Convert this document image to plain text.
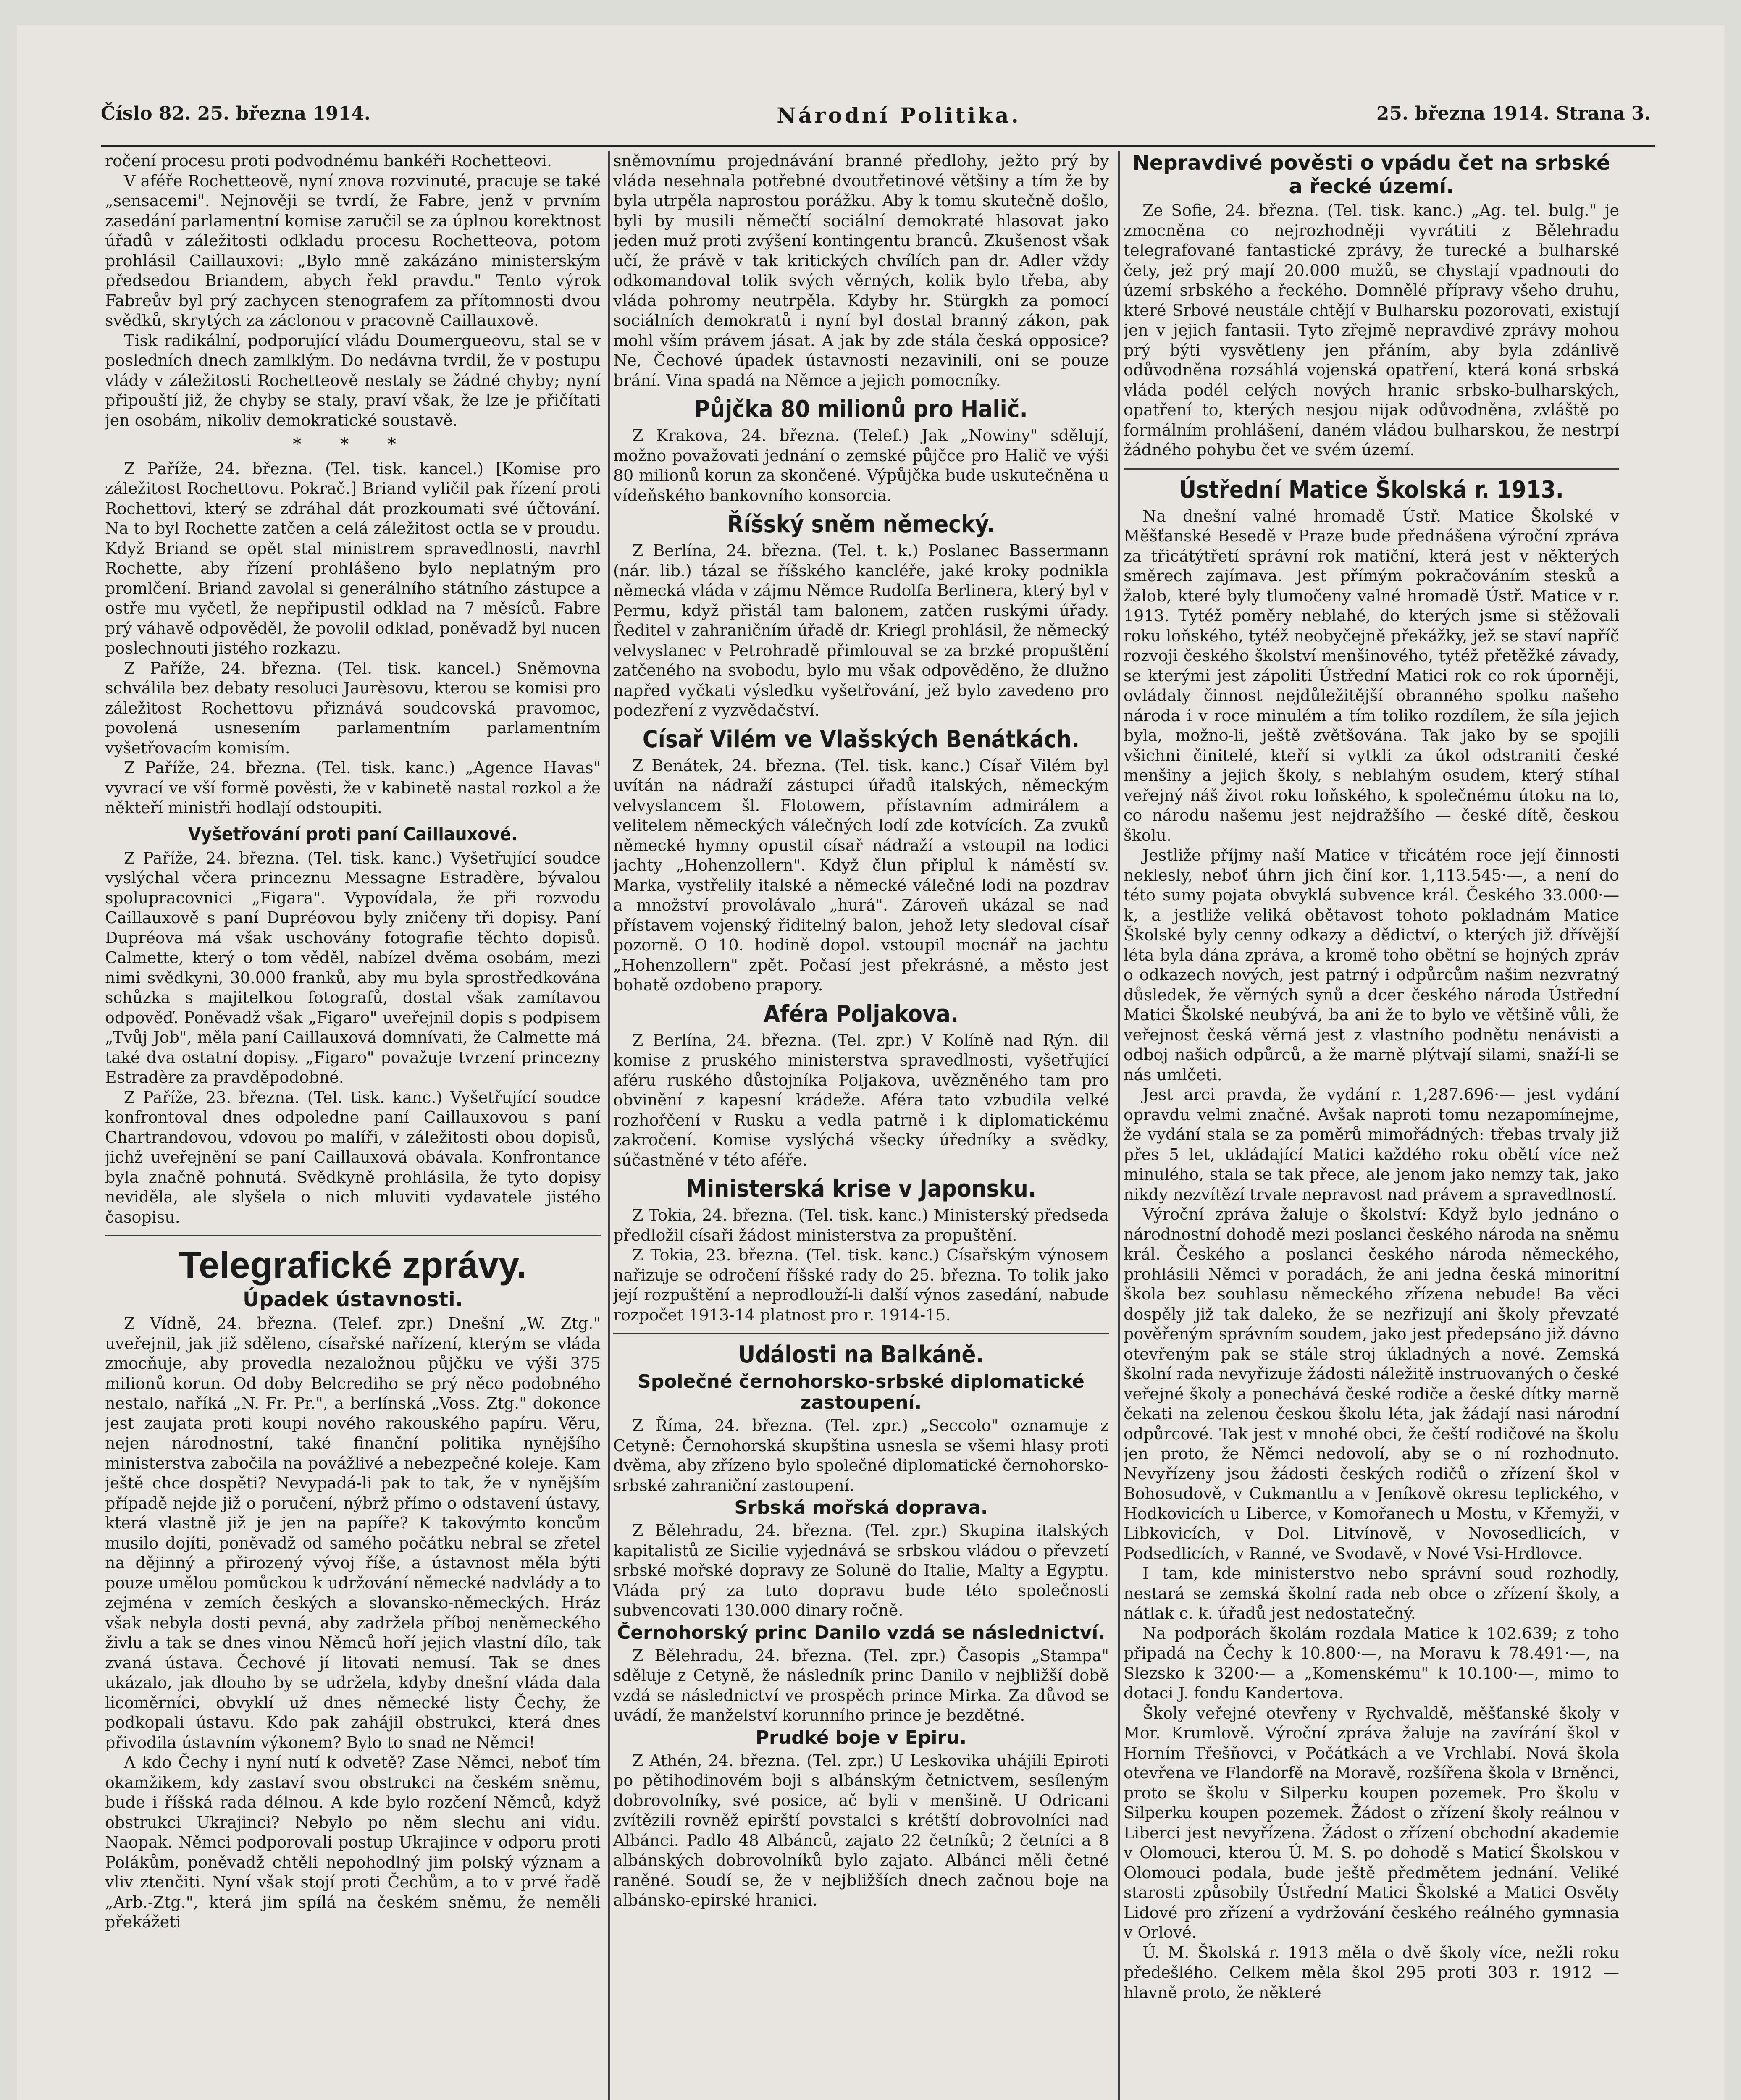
Číslo 82. 25. března 1914.	Národní Politika.	25. března 1914. Strana 3.

ročení procesu proti podvodnému bankéři Rochetteovi.

V aféře Rochetteově, nyní znova rozvinuté, pracuje se také „sensacemi". Nejnověji se tvrdí, že Fabre, jenž v prvním zasedání parlamentní komise zaručil se za úplnou korektnost úřadů v záležitosti odkladu procesu Rochetteova, potom prohlásil Caillauxovi: „Bylo mně zakázáno ministerským předsedou Briandem, abych řekl pravdu." Tento výrok Fabreův byl prý zachycen stenografem za přítomnosti dvou svědků, skrytých za záclonou v pracovně Caillauxově.

Tisk radikální, podporující vládu Doumergueovu, stal se v posledních dnech zamlklým. Do nedávna tvrdil, že v postupu vlády v záležitosti Rochetteově nestaly se žádné chyby; nyní připouští již, že chyby se staly, praví však, že lze je přičítati jen osobám, nikoliv demokratické soustavě.

* * *

Z Paříže, 24. března. (Tel. tisk. kancel.) [Komise pro záležitost Rochettovu. Pokrač.] Briand vyličil pak řízení proti Rochettovi, který se zdráhal dát prozkoumati své účtování. Na to byl Rochette zatčen a celá záležitost octla se v proudu. Když Briand se opět stal ministrem spravedlnosti, navrhl Rochette, aby řízení prohlášeno bylo neplatným pro promlčení. Briand zavolal si generálního státního zástupce a ostře mu vyčetl, že nepřipustil odklad na 7 měsíců. Fabre prý váhavě odpověděl, že povolil odklad, poněvadž byl nucen poslechnouti jistého rozkazu.

Z Paříže, 24. března. (Tel. tisk. kancel.) Sněmovna schválila bez debaty resoluci Jaurèsovu, kterou se komisi pro záležitost Rochettovu přiznává soudcovská pravomoc, povolená usnesením parlamentním parlamentním vyšetřovacím komisím.

Z Paříže, 24. března. (Tel. tisk. kanc.) „Agence Havas" vyvrací ve vší formě pověsti, že v kabinetě nastal rozkol a že někteří ministři hodlají odstoupiti.

Vyšetřování proti paní Caillauxové.

Z Paříže, 24. března. (Tel. tisk. kanc.) Vyšetřující soudce vyslýchal včera princeznu Messagne Estradère, bývalou spolupracovnici „Figara". Vypovídala, že při rozvodu Caillauxově s paní Dupréovou byly zničeny tři dopisy. Paní Dupréova má však uschovány fotografie těchto dopisů. Calmette, který o tom věděl, nabízel dvěma osobám, mezi nimi svědkyni, 30.000 franků, aby mu byla sprostředkována schůzka s majitelkou fotografů, dostal však zamítavou odpověď. Poněvadž však „Figaro" uveřejnil dopis s podpisem „Tvůj Job", měla paní Caillauxová domnívati, že Calmette má také dva ostatní dopisy. „Figaro" považuje tvrzení princezny Estradère za pravděpodobné.

Z Paříže, 23. března. (Tel. tisk. kanc.) Vyšetřující soudce konfrontoval dnes odpoledne paní Caillauxovou s paní Chartrandovou, vdovou po malíři, v záležitosti obou dopisů, jichž uveřejnění se paní Caillauxová obávala. Konfrontance byla značně pohnutá. Svědkyně prohlásila, že tyto dopisy neviděla, ale slyšela o nich mluviti vydavatele jistého časopisu.

Telegrafické zprávy.
Úpadek ústavnosti.

Z Vídně, 24. března. (Telef. zpr.) Dnešní „W. Ztg." uveřejnil, jak již sděleno, císařské nařízení, kterým se vláda zmocňuje, aby provedla nezaložnou půjčku ve výši 375 milionů korun. Od doby Belcrediho se prý něco podobného nestalo, naříká „N. Fr. Pr.", a berlínská „Voss. Ztg." dokonce jest zaujata proti koupi nového rakouského papíru. Věru, nejen národnostní, také finanční politika nynějšího ministerstva zabočila na povážlivé a nebezpečné koleje. Kam ještě chce dospěti? Nevypadá-li pak to tak, že v nynějším případě nejde již o poručení, nýbrž přímo o odstavení ústavy, která vlastně již je jen na papíře? K takovýmto koncům musilo dojíti, poněvadž od samého počátku nebral se zřetel na dějinný a přirozený vývoj říše, a ústavnost měla býti pouze umělou pomůckou k udržování německé nadvlády a to zejména v zemích českých a slovansko-německých. Hráz však nebyla dosti pevná, aby zadržela příboj neněmeckého živlu a tak se dnes vinou Němců hoří jejich vlastní dílo, tak zvaná ústava. Čechové jí litovati nemusí. Tak se dnes ukázalo, jak dlouho by se udržela, kdyby dnešní vláda dala licoměrníci, obvyklí už dnes německé listy Čechy, že podkopali ústavu. Kdo pak zahájil obstrukci, která dnes přivodila ústavním výkonem? Bylo to snad ne Němci!

A kdo Čechy i nyní nutí k odvetě? Zase Němci, neboť tím okamžikem, kdy zastaví svou obstrukci na českém sněmu, bude i říšská rada délnou. A kde bylo rozčení Němců, když obstrukci Ukrajinci? Nebylo po něm slechu ani vidu. Naopak. Němci podporovali postup Ukrajince v odporu proti Polákům, poněvadž chtěli nepohodlný jim polský význam a vliv ztenčiti. Nyní však stojí proti Čechům, a to v prvé řadě „Arb.-Ztg.", která jim spílá na českém sněmu, že neměli překážeti

sněmovnímu projednávání branné předlohy, ježto prý by vláda nesehnala potřebné dvoutřetinové většiny a tím že by byla utrpěla naprostou porážku. Aby k tomu skutečně došlo, byli by musili němečtí sociální demokraté hlasovat jako jeden muž proti zvýšení kontingentu branců. Zkušenost však učí, že právě v tak kritických chvílích pan dr. Adler vždy odkomandoval tolik svých věrných, kolik bylo třeba, aby vláda pohromy neutrpěla. Kdyby hr. Stürgkh za pomocí sociálních demokratů i nyní byl dostal branný zákon, pak mohl vším právem jásat. A jak by zde stála česká opposice? Ne, Čechové úpadek ústavnosti nezavinili, oni se pouze brání. Vina spadá na Němce a jejich pomocníky.

Půjčka 80 milionů pro Halič.

Z Krakova, 24. března. (Telef.) Jak „Nowiny" sdělují, možno považovati jednání o zemské půjčce pro Halič ve výši 80 milionů korun za skončené. Výpůjčka bude uskutečněna u vídeňského bankovního konsorcia.

Říšský sněm německý.

Z Berlína, 24. března. (Tel. t. k.) Poslanec Bassermann (nár. lib.) tázal se říšského kancléře, jaké kroky podnikla německá vláda v zájmu Němce Rudolfa Berlinera, který byl v Permu, když přistál tam balonem, zatčen ruskými úřady. Ředitel v zahraničním úřadě dr. Kriegl prohlásil, že německý velvyslanec v Petrohradě přimlouval se za brzké propuštění zatčeného na svobodu, bylo mu však odpověděno, že dlužno napřed vyčkati výsledku vyšetřování, jež bylo zavedeno pro podezření z vyzvědačství.

Císař Vilém ve Vlašských Benátkách.

Z Benátek, 24. března. (Tel. tisk. kanc.) Císař Vilém byl uvítán na nádraží zástupci úřadů italských, německým velvyslancem šl. Flotowem, přístavním admirálem a velitelem německých válečných lodí zde kotvících. Za zvuků německé hymny opustil císař nádraží a vstoupil na lodici jachty „Hohenzollern". Když člun připlul k náměstí sv. Marka, vystřelily italské a německé válečné lodi na pozdrav a množství provolávalo „hurá". Zároveň ukázal se nad přístavem vojenský řiditelný balon, jehož lety sledoval císař pozorně. O 10. hodině dopol. vstoupil mocnář na jachtu „Hohenzollern" zpět. Počasí jest překrásné, a město jest bohatě ozdobeno prapory.

Aféra Poljakova.

Z Berlína, 24. března. (Tel. zpr.) V Kolíně nad Rýn. dil komise z pruského ministerstva spravedlnosti, vyšetřující aféru ruského důstojníka Poljakova, uvězněného tam pro obvinění z kapesní krádeže. Aféra tato vzbudila velké rozhořčení v Rusku a vedla patrně i k diplomatickému zakročení. Komise vyslýchá všecky úředníky a svědky, súčastněné v této aféře.

Ministerská krise v Japonsku.

Z Tokia, 24. března. (Tel. tisk. kanc.) Ministerský předseda předložil císaři žádost ministerstva za propuštění.

Z Tokia, 23. března. (Tel. tisk. kanc.) Císařským výnosem nařizuje se odročení říšské rady do 25. března. To tolik jako její rozpuštění a neprodlouží-li další výnos zasedání, nabude rozpočet 1913-14 platnost pro r. 1914-15.

Události na Balkáně.
Společné černohorsko-srbské diplomatické zastoupení.

Z Říma, 24. března. (Tel. zpr.) „Seccolo" oznamuje z Cetyně: Černohorská skupština usnesla se všemi hlasy proti dvěma, aby zřízeno bylo společné diplomatické černohorsko-srbské zahraniční zastoupení.

Srbská mořská doprava.

Z Bělehradu, 24. března. (Tel. zpr.) Skupina italských kapitalistů ze Sicilie vyjednává se srbskou vládou o převzetí srbské mořské dopravy ze Solunë do Italie, Malty a Egyptu. Vláda prý za tuto dopravu bude této společnosti subvencovati 130.000 dinary ročně.

Černohorský princ Danilo vzdá se následnictví.

Z Bělehradu, 24. března. (Tel. zpr.) Časopis „Stampa" sděluje z Cetyně, že následník princ Danilo v nejbližší době vzdá se následnictví ve prospěch prince Mirka. Za důvod se uvádí, že manželství korunního prince je bezdětné.

Prudké boje v Epiru.

Z Athén, 24. března. (Tel. zpr.) U Leskovika uhájili Epiroti po pětihodinovém boji s albánským četnictvem, sesíleným dobrovolníky, své posice, ač byli v menšině. U Odricani zvítězili rovněž epirští povstalci s krétští dobrovolníci nad Albánci. Padlo 48 Albánců, zajato 22 četníků; 2 četníci a 8 albánských dobrovolníků bylo zajato. Albánci měli četné raněné. Soudí se, že v nejbližších dnech začnou boje na albánsko-epirské hranici.

Nepravdivé pověsti o vpádu čet na srbské a řecké území.

Ze Sofie, 24. března. (Tel. tisk. kanc.) „Ag. tel. bulg." je zmocněna co nejrozhodněji vyvrátiti z Bělehradu telegrafované fantastické zprávy, že turecké a bulharské čety, jež prý mají 20.000 mužů, se chystají vpadnouti do území srbského a řeckého. Domnělé přípravy všeho druhu, které Srbové neustále chtějí v Bulharsku pozorovati, existují jen v jejich fantasii. Tyto zřejmě nepravdivé zprávy mohou prý býti vysvětleny jen přáním, aby byla zdánlivě odůvodněna rozsáhlá vojenská opatření, která koná srbská vláda podél celých nových hranic srbsko-bulharských, opatření to, kterých nesjou nijak odůvodněna, zvláště po formálním prohlášení, daném vládou bulharskou, že nestrpí žádného pohybu čet ve svém území.

Ústřední Matice Školská r. 1913.

Na dnešní valné hromadě Ústř. Matice Školské v Měšťanské Besedě v Praze bude přednášena výroční zpráva za třicátýtřetí správní rok matiční, která jest v některých směrech zajímava. Jest přímým pokračováním stesků a žalob, které byly tlumočeny valné hromadě Ústř. Matice v r. 1913. Tytéž poměry neblahé, do kterých jsme si stěžovali roku loňského, tytéž neobyčejně překážky, jež se staví napříč rozvoji českého školství menšinového, tytéž přetěžké závady, se kterými jest zápoliti Ústřední Matici rok co rok úporněji, ovládaly činnost nejdůležitější obranného spolku našeho národa i v roce minulém a tím toliko rozdílem, že síla jejich byla, možno-li, ještě zvětšována. Tak jako by se spojili všichni činitelé, kteří si vytkli za úkol odstraniti české menšiny a jejich školy, s neblahým osudem, který stíhal veřejný náš život roku loňského, k společnému útoku na to, co národu našemu jest nejdražšího — české dítě, českou školu.

Jestliže příjmy naší Matice v třicátém roce její činnosti neklesly, neboť úhrn jich činí kor. 1,113.545·—, a není do této sumy pojata obvyklá subvence král. Českého 33.000·— k, a jestliže veliká obětavost tohoto pokladnám Matice Školské byly cenny odkazy a dědictví, o kterých již dřívější léta byla dána zpráva, a kromě toho obětní se hojných zpráv o odkazech nových, jest patrný i odpůrcům našim nezvratný důsledek, že věrných synů a dcer českého národa Ústřední Matici Školské neubývá, ba ani že to bylo ve většině vůli, že veřejnost česká věrná jest z vlastního podnětu nenávisti a odboj našich odpůrců, a že marně plýtvají silami, snaží-li se nás umlčeti.

Jest arci pravda, že vydání r. 1,287.696·— jest vydání opravdu velmi značné. Avšak naproti tomu nezapomínejme, že vydání stala se za poměrů mimořádných: třebas trvaly již přes 5 let, ukládající Matici každého roku obětí více než minulého, stala se tak přece, ale jenom jako nemzy tak, jako nikdy nezvítězí trvale nepravost nad právem a spravedlností.

Výroční zpráva žaluje o školství: Když bylo jednáno o národnostní dohodě mezi poslanci českého národa na sněmu král. Českého a poslanci českého národa německého, prohlásili Němci v poradách, že ani jedna česká minoritní škola bez souhlasu německého zřízena nebude! Ba věci dospěly již tak daleko, že se nezřizují ani školy převzaté pověřeným správním soudem, jako jest předepsáno již dávno otevřeným pak se stále stroj úkladných a nové. Zemská školní rada nevyřizuje žádosti náležitě instruovaných o české veřejné školy a ponechává české rodiče a české dítky marně čekati na zelenou českou školu léta, jak žádají nasi národní odpůrcové. Tak jest v mnohé obci, že čeští rodičové na školu jen proto, že Němci nedovolí, aby se o ní rozhodnuto. Nevyřízeny jsou žádosti českých rodičů o zřízení škol v Bohosudově, v Cukmantlu a v Jeníkově okresu teplického, v Hodkovicích u Liberce, v Komořanech u Mostu, v Křemyži, v Libkovicích, v Dol. Litvínově, v Novosedlicích, v Podsedlicích, v Ranné, ve Svodavě, v Nové Vsi-Hrdlovce.

I tam, kde ministerstvo nebo správní soud rozhodly, nestará se zemská školní rada neb obce o zřízení školy, a nátlak c. k. úřadů jest nedostatečný.

Na podporách školám rozdala Matice k 102.639; z toho připadá na Čechy k 10.800·—, na Moravu k 78.491·—, na Slezsko k 3200·— a „Komenskému" k 10.100·—, mimo to dotaci J. fondu Kandertova.

Školy veřejné otevřeny v Rychvaldě, měšťanské školy v Mor. Krumlově. Výroční zpráva žaluje na zavírání škol v Horním Třešňovci, v Počátkách a ve Vrchlabí. Nová škola otevřena ve Flandorfě na Moravě, rozšířena škola v Brněnci, proto se školu v Silperku koupen pozemek. Pro školu v Silperku koupen pozemek. Žádost o zřízení školy reálnou v Liberci jest nevyřízena. Žádost o zřízení obchodní akademie v Olomouci, kterou Ú. M. S. po dohodě s Maticí Školskou v Olomouci podala, bude ještě předmětem jednání. Veliké starosti způsobily Ústřední Matici Školské a Matici Osvěty Lidové pro zřízení a vydržování českého reálného gymnasia v Orlové.

Ú. M. Školská r. 1913 měla o dvě školy více, nežli roku předešlého. Celkem měla škol 295 proti 303 r. 1912 — hlavně proto, že některé
